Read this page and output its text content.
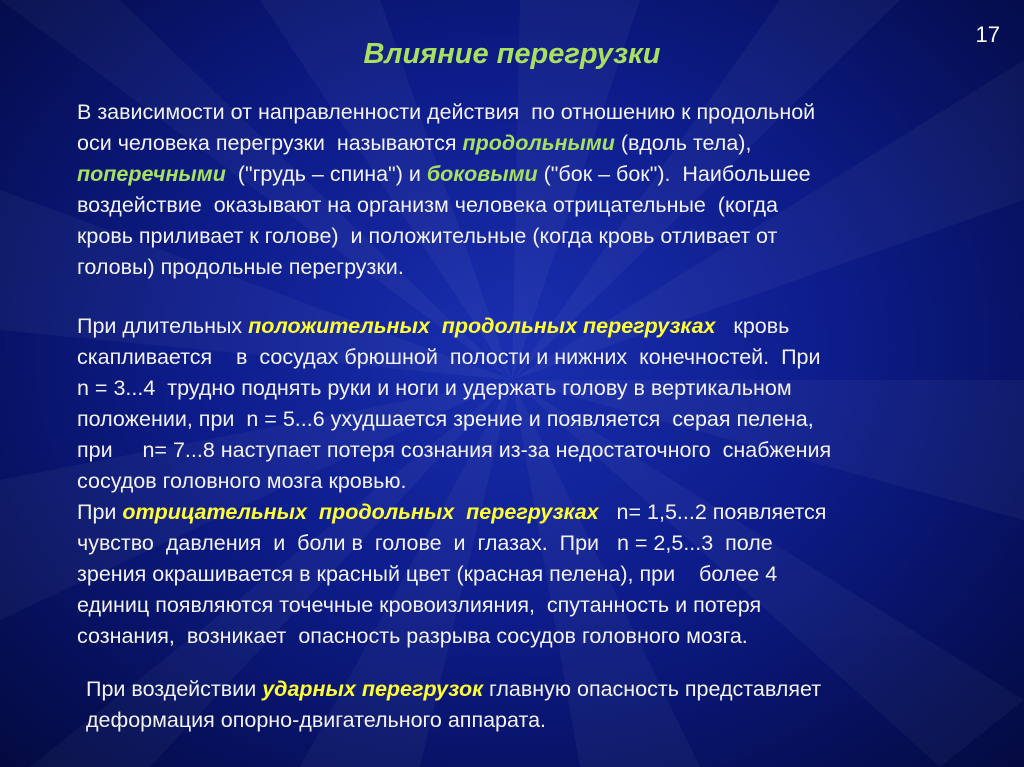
17
Влияние перегрузки

В зависимости от направленности действия  по отношению к продольной
оси человека перегрузки  называются продольными (вдоль тела),
поперечными  ("грудь – спина") и боковыми ("бок – бок").  Наибольшее
воздействие  оказывают на организм человека отрицательные  (когда
кровь приливает к голове)  и положительные (когда кровь отливает от
головы) продольные перегрузки.

При длительных положительных  продольных перегрузках   кровь
скапливается    в  сосудах брюшной  полости и нижних  конечностей.  При
n = 3...4  трудно поднять руки и ноги и удержать голову в вертикальном
положении, при  n = 5...6 ухудшается зрение и появляется  серая пелена,
при     n= 7...8 наступает потеря сознания из-за недостаточного  снабжения
сосудов головного мозга кровью.
При отрицательных  продольных  перегрузках   n= 1,5...2 появляется
чувство  давления  и  боли в  голове  и  глазах.  При   n = 2,5...3  поле
зрения окрашивается в красный цвет (красная пелена), при    более 4
единиц появляются точечные кровоизлияния,  спутанность и потеря
сознания,  возникает  опасность разрыва сосудов головного мозга.

При воздействии ударных перегрузок главную опасность представляет
деформация опорно-двигательного аппарата.
